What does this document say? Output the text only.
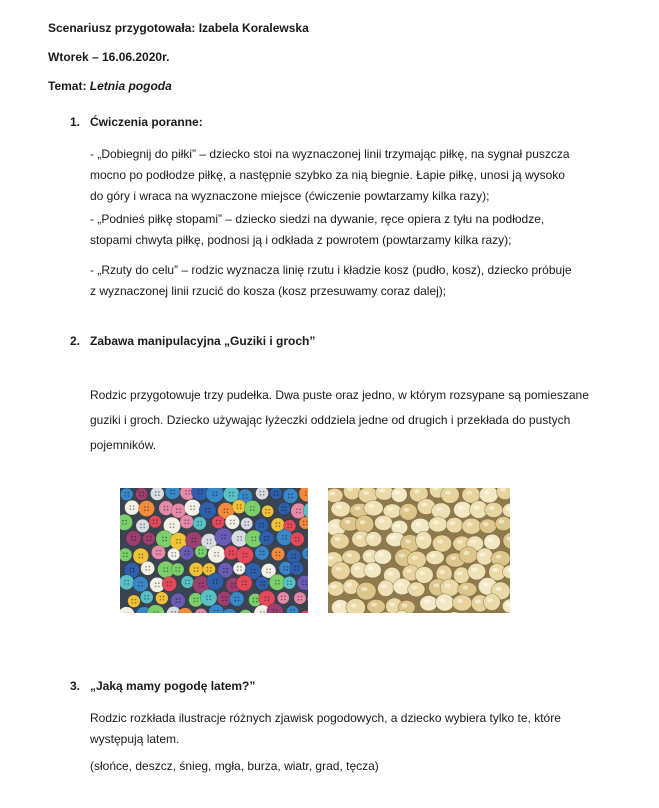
Scenariusz przygotowała: Izabela Koralewska
Wtorek – 16.06.2020r.
Temat: Letnia pogoda
1. Ćwiczenia poranne:
- „Dobiegnij do piłki” – dziecko stoi na wyznaczonej linii trzymając piłkę, na sygnał puszcza
mocno po podłodze piłkę, a następnie szybko za nią biegnie. Łapie piłkę, unosi ją wysoko
do góry i wraca na wyznaczone miejsce (ćwiczenie powtarzamy kilka razy);
- „Podnieś piłkę stopami” – dziecko siedzi na dywanie, ręce opiera z tyłu na podłodze,
stopami chwyta piłkę, podnosi ją i odkłada z powrotem (powtarzamy kilka razy);
- „Rzuty do celu” – rodzic wyznacza linię rzutu i kładzie kosz (pudło, kosz), dziecko próbuje
z wyznaczonej linii rzucić do kosza (kosz przesuwamy coraz dalej);
2. Zabawa manipulacyjna „Guziki i groch”
Rodzic przygotowuje trzy pudełka. Dwa puste oraz jedno, w którym rozsypane są pomieszane
guziki i groch. Dziecko używając łyżeczki oddziela jedne od drugich i przekłada do pustych
pojemników.
3. „Jaką mamy pogodę latem?”
Rodzic rozkłada ilustracje różnych zjawisk pogodowych, a dziecko wybiera tylko te, które
występują latem.
(słońce, deszcz, śnieg, mgła, burza, wiatr, grad, tęcza)
